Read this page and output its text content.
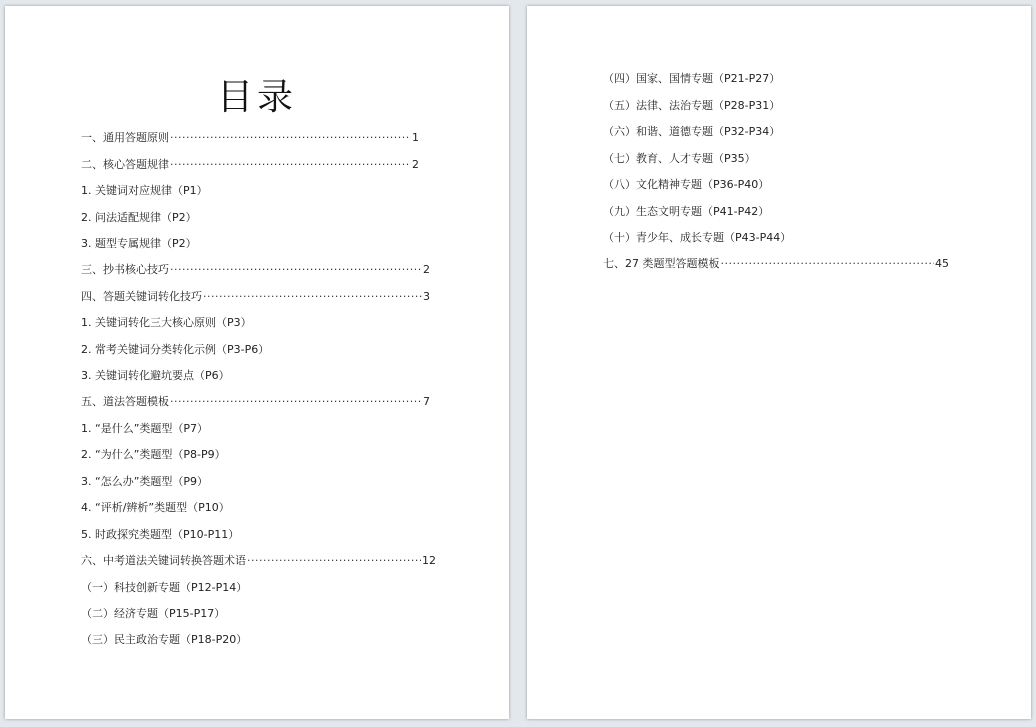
目录
一、通用答题原则 ·····	1
二、核心答题规律 ·····	2
1. 关键词对应规律（P1）
2. 问法适配规律（P2）
3. 题型专属规律（P2）
三、抄书核心技巧 ·····	2
四、答题关键词转化技巧 ·····	3
1. 关键词转化三大核心原则（P3）
2. 常考关键词分类转化示例（P3-P6）
3. 关键词转化避坑要点（P6）
五、道法答题模板 ·····	7
1. “是什么”类题型（P7）
2. “为什么”类题型（P8-P9）
3. “怎么办”类题型（P9）
4. “评析/辨析”类题型（P10）
5. 时政探究类题型（P10-P11）
六、中考道法关键词转换答题术语 ·····	12
（一）科技创新专题（P12-P14）
（二）经济专题（P15-P17）
（三）民主政治专题（P18-P20）
（四）国家、国情专题（P21-P27）
（五）法律、法治专题（P28-P31）
（六）和谐、道德专题（P32-P34）
（七）教育、人才专题（P35）
（八）文化精神专题（P36-P40）
（九）生态文明专题（P41-P42）
（十）青少年、成长专题（P43-P44）
七、27 类题型答题模板 ·····	45
